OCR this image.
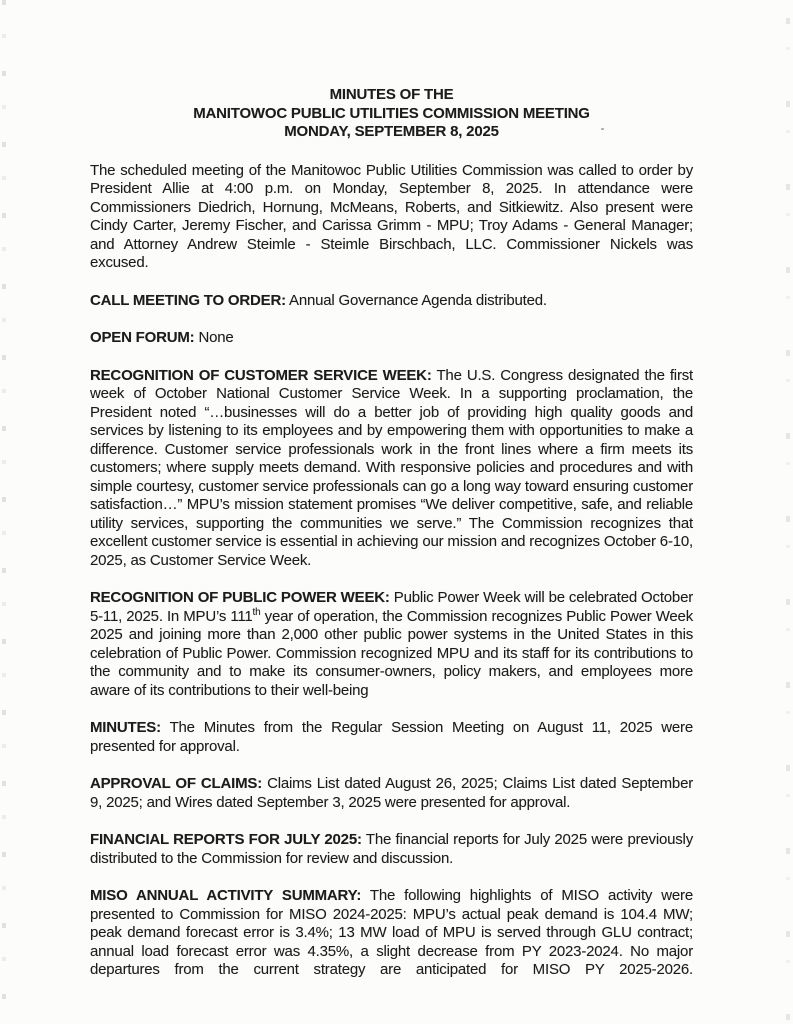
MINUTES OF THE
MANITOWOC PUBLIC UTILITIES COMMISSION MEETING
MONDAY, SEPTEMBER 8, 2025

The scheduled meeting of the Manitowoc Public Utilities Commission was called to order by President Allie at 4:00 p.m. on Monday, September 8, 2025. In attendance were Commissioners Diedrich, Hornung, McMeans, Roberts, and Sitkiewitz. Also present were Cindy Carter, Jeremy Fischer, and Carissa Grimm - MPU; Troy Adams - General Manager; and Attorney Andrew Steimle - Steimle Birschbach, LLC. Commissioner Nickels was excused.

CALL MEETING TO ORDER: Annual Governance Agenda distributed.

OPEN FORUM: None

RECOGNITION OF CUSTOMER SERVICE WEEK: The U.S. Congress designated the first week of October National Customer Service Week. In a supporting proclamation, the President noted “…businesses will do a better job of providing high quality goods and services by listening to its employees and by empowering them with opportunities to make a difference. Customer service professionals work in the front lines where a firm meets its customers; where supply meets demand. With responsive policies and procedures and with simple courtesy, customer service professionals can go a long way toward ensuring customer satisfaction…” MPU’s mission statement promises “We deliver competitive, safe, and reliable utility services, supporting the communities we serve.” The Commission recognizes that excellent customer service is essential in achieving our mission and recognizes October 6-10, 2025, as Customer Service Week.

RECOGNITION OF PUBLIC POWER WEEK: Public Power Week will be celebrated October 5-11, 2025. In MPU’s 111th year of operation, the Commission recognizes Public Power Week 2025 and joining more than 2,000 other public power systems in the United States in this celebration of Public Power. Commission recognized MPU and its staff for its contributions to the community and to make its consumer-owners, policy makers, and employees more aware of its contributions to their well-being

MINUTES: The Minutes from the Regular Session Meeting on August 11, 2025 were presented for approval.

APPROVAL OF CLAIMS: Claims List dated August 26, 2025; Claims List dated September 9, 2025; and Wires dated September 3, 2025 were presented for approval.

FINANCIAL REPORTS FOR JULY 2025: The financial reports for July 2025 were previously distributed to the Commission for review and discussion.

MISO ANNUAL ACTIVITY SUMMARY: The following highlights of MISO activity were presented to Commission for MISO 2024-2025: MPU’s actual peak demand is 104.4 MW; peak demand forecast error is 3.4%; 13 MW load of MPU is served through GLU contract; annual load forecast error was 4.35%, a slight decrease from PY 2023-2024. No major departures from the current strategy are anticipated for MISO PY 2025-2026.
